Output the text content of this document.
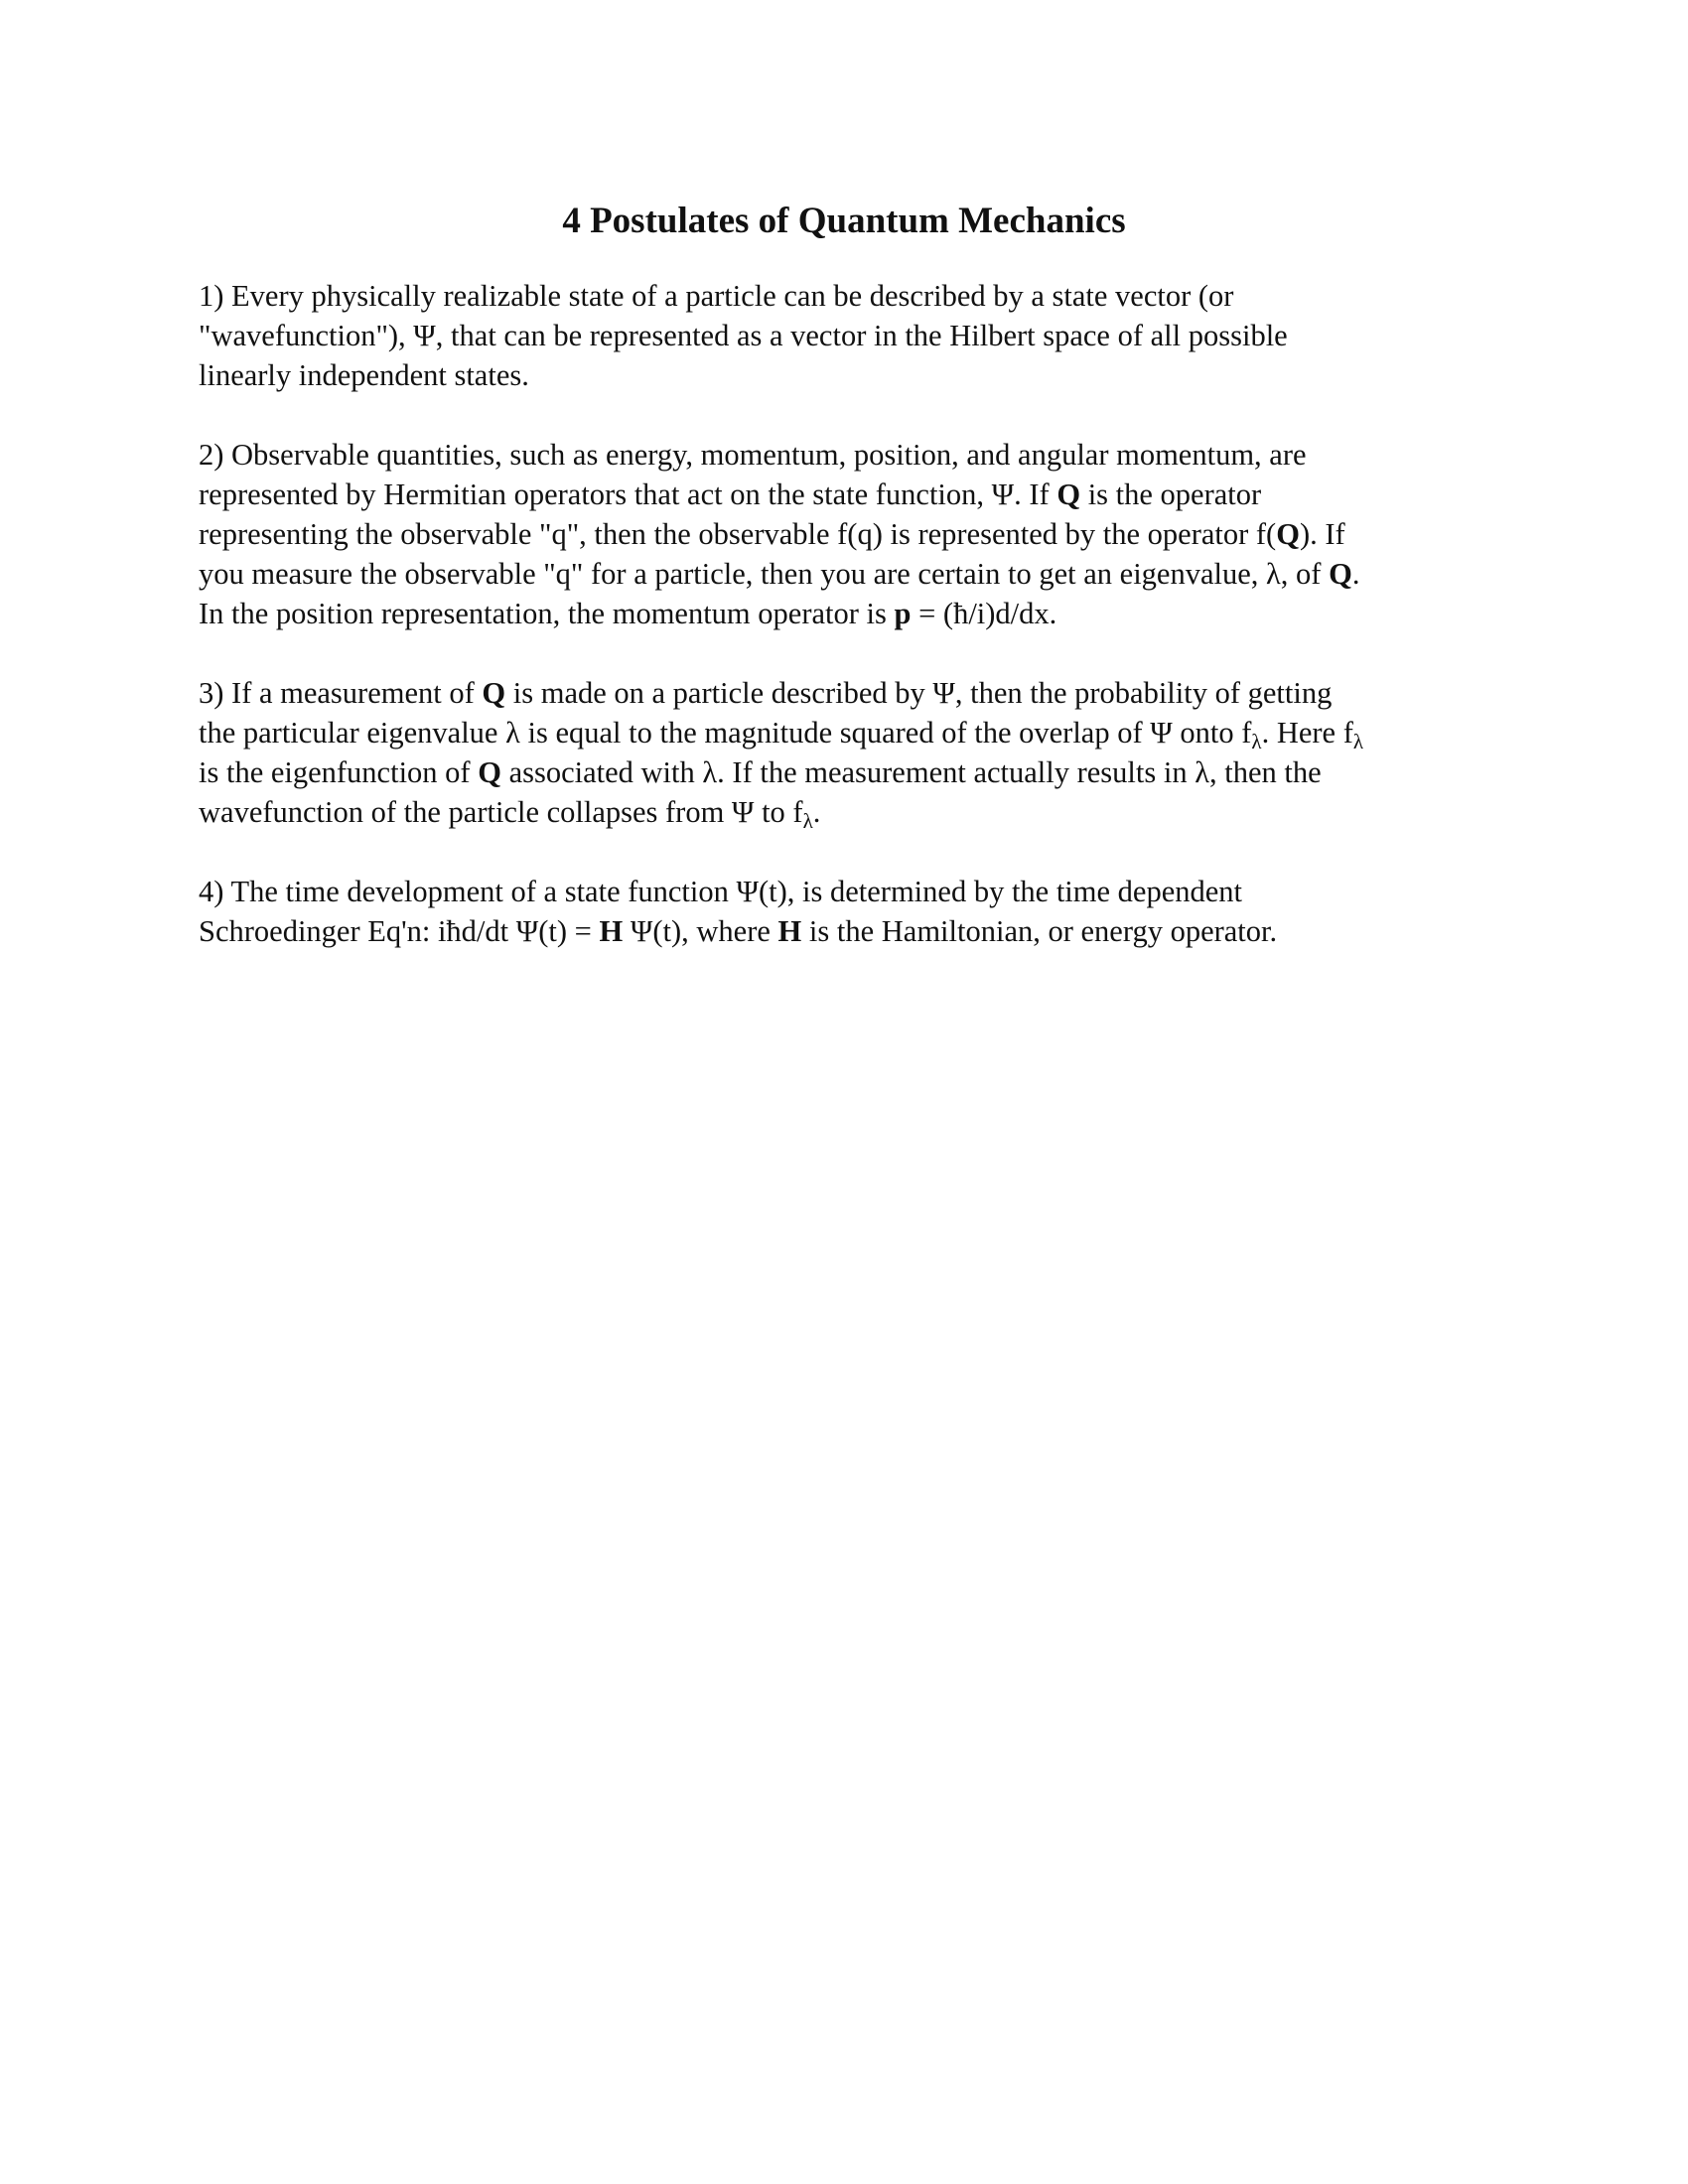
4 Postulates of Quantum Mechanics

1) Every physically realizable state of a particle can be described by a state vector (or
"wavefunction"), Ψ, that can be represented as a vector in the Hilbert space of all possible
linearly independent states.

2) Observable quantities, such as energy, momentum, position, and angular momentum, are
represented by Hermitian operators that act on the state function, Ψ. If Q is the operator
representing the observable "q", then the observable f(q) is represented by the operator f(Q). If
you measure the observable "q" for a particle, then you are certain to get an eigenvalue, λ, of Q.
In the position representation, the momentum operator is p = (ħ/i)d/dx.

3) If a measurement of Q is made on a particle described by Ψ, then the probability of getting
the particular eigenvalue λ is equal to the magnitude squared of the overlap of Ψ onto $f_\lambda$. Here $f_\lambda$
is the eigenfunction of Q associated with λ. If the measurement actually results in λ, then the
wavefunction of the particle collapses from Ψ to $f_\lambda$.

4) The time development of a state function Ψ(t), is determined by the time dependent
Schroedinger Eq'n: iħd/dt Ψ(t) = H Ψ(t), where H is the Hamiltonian, or energy operator.
